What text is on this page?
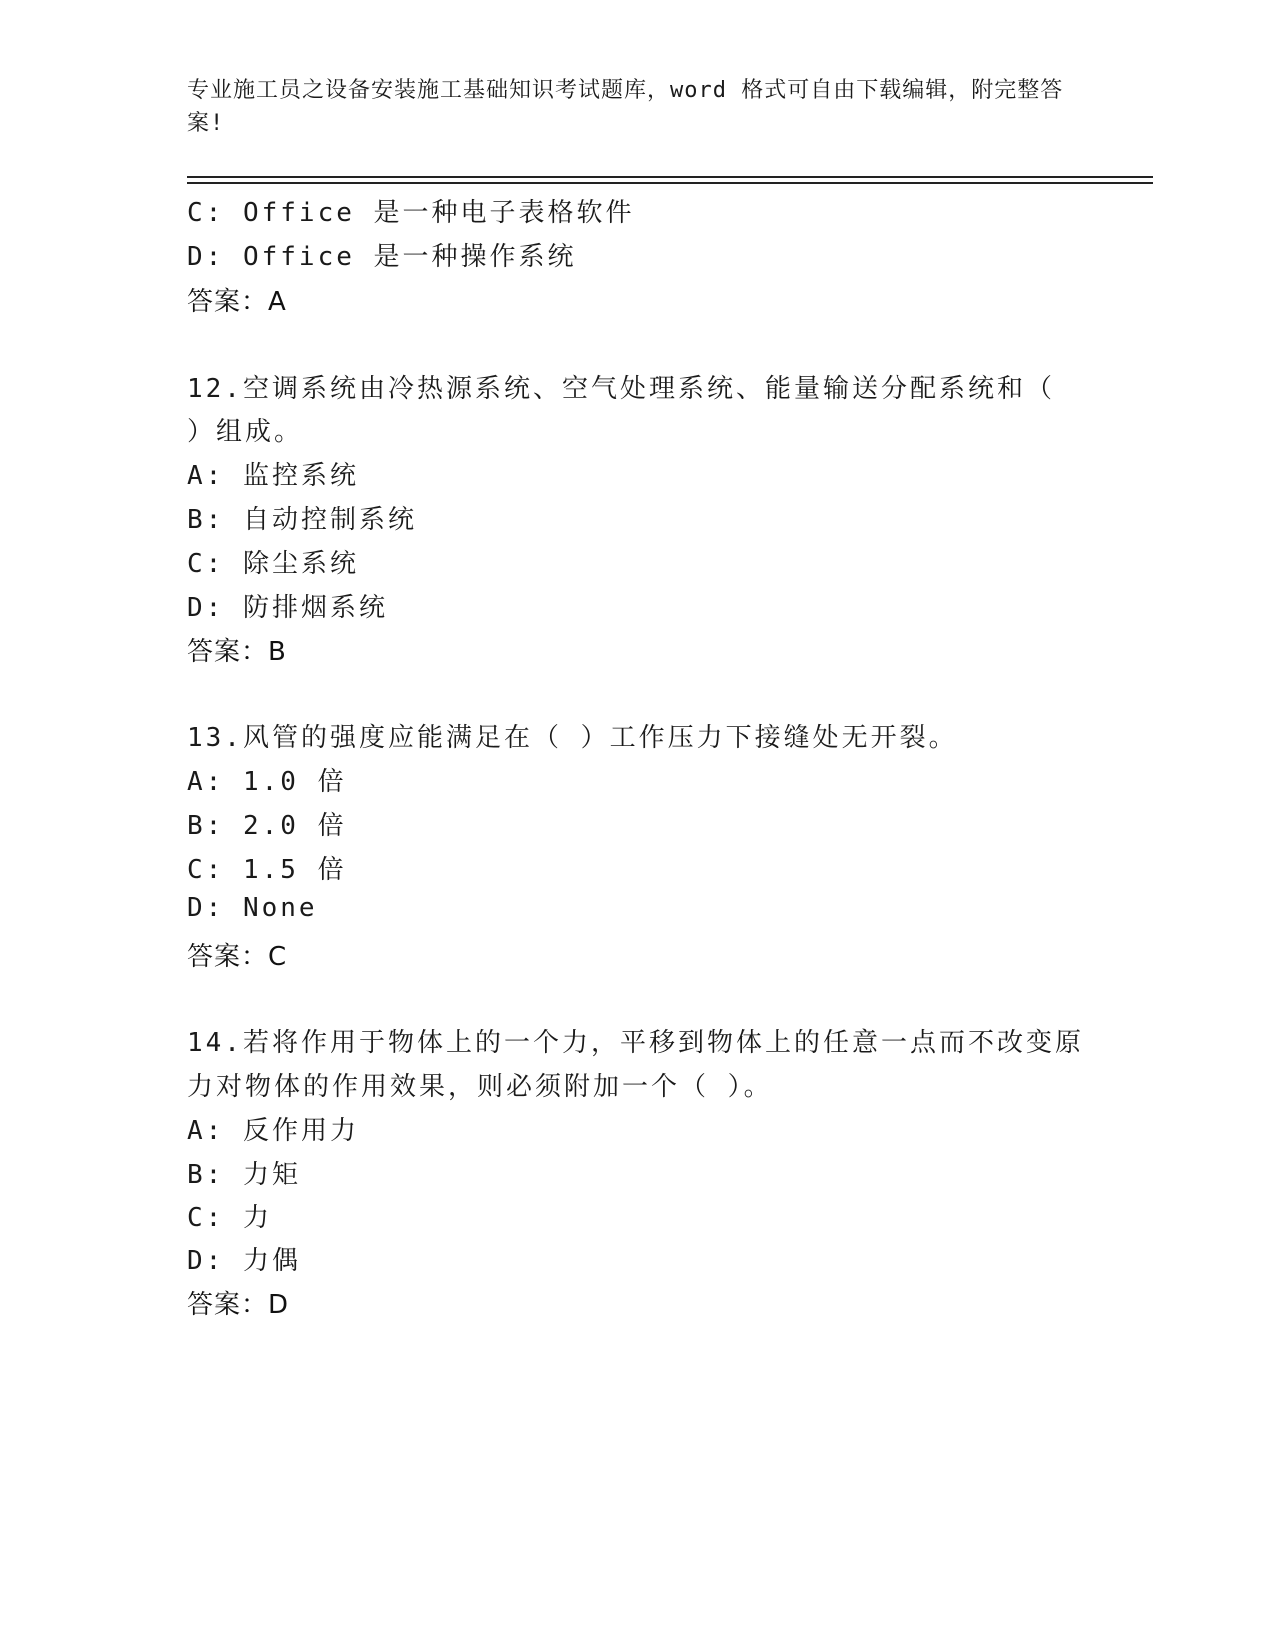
专业施工员之设备安装施工基础知识考试题库，word 格式可自由下载编辑，附完整答案!
C: Office 是一种电子表格软件
D: Office 是一种操作系统
答案：A
12.空调系统由冷热源系统、空气处理系统、能量输送分配系统和（
）组成。
A: 监控系统
B: 自动控制系统
C: 除尘系统
D: 防排烟系统
答案：B
13.风管的强度应能满足在（ ）工作压力下接缝处无开裂。
A: 1.0 倍
B: 2.0 倍
C: 1.5 倍
D: None
答案：C
14.若将作用于物体上的一个力，平移到物体上的任意一点而不改变原
力对物体的作用效果，则必须附加一个（ ）。
A: 反作用力
B: 力矩
C: 力
D: 力偶
答案：D
